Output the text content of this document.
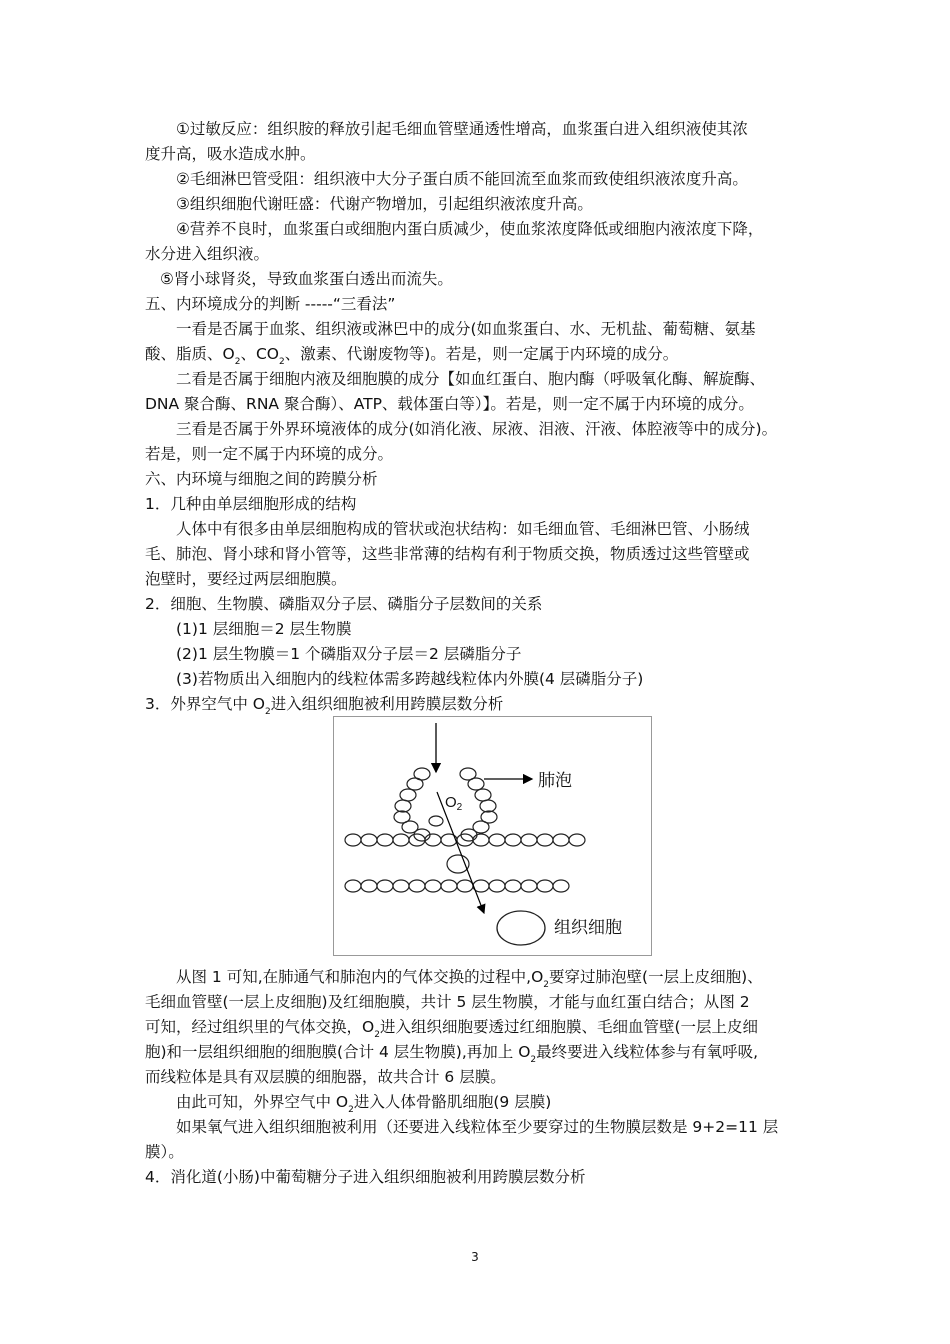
①过敏反应：组织胺的释放引起毛细血管壁通透性增高，血浆蛋白进入组织液使其浓

度升高，吸水造成水肿。

②毛细淋巴管受阻：组织液中大分子蛋白质不能回流至血浆而致使组织液浓度升高。

③组织细胞代谢旺盛：代谢产物增加，引起组织液浓度升高。

④营养不良时，血浆蛋白或细胞内蛋白质减少，使血浆浓度降低或细胞内液浓度下降，

水分进入组织液。

⑤肾小球肾炎，导致血浆蛋白透出而流失。

五、内环境成分的判断 -----“三看法”

一看是否属于血浆、组织液或淋巴中的成分(如血浆蛋白、水、无机盐、葡萄糖、氨基

酸、脂质、$O_2$、$CO_2$、激素、代谢废物等)。若是，则一定属于内环境的成分。

二看是否属于细胞内液及细胞膜的成分【如血红蛋白、胞内酶（呼吸氧化酶、解旋酶、

DNA 聚合酶、RNA 聚合酶）、ATP、载体蛋白等）】。若是，则一定不属于内环境的成分。

三看是否属于外界环境液体的成分(如消化液、尿液、泪液、汗液、体腔液等中的成分)。

若是，则一定不属于内环境的成分。

六、内环境与细胞之间的跨膜分析

1．几种由单层细胞形成的结构

人体中有很多由单层细胞构成的管状或泡状结构：如毛细血管、毛细淋巴管、小肠绒

毛、肺泡、肾小球和肾小管等，这些非常薄的结构有利于物质交换，物质透过这些管壁或

泡壁时，要经过两层细胞膜。

2．细胞、生物膜、磷脂双分子层、磷脂分子层数间的关系

(1)1 层细胞＝2 层生物膜

(2)1 层生物膜＝1 个磷脂双分子层＝2 层磷脂分子

(3)若物质出入细胞内的线粒体需多跨越线粒体内外膜(4 层磷脂分子)

3．外界空气中 $O_2$进入组织细胞被利用跨膜层数分析

肺泡
$O_2$
组织细胞

从图 1 可知,在肺通气和肺泡内的气体交换的过程中$,O_2$要穿过肺泡壁(一层上皮细胞)、

毛细血管壁(一层上皮细胞)及红细胞膜，共计 5 层生物膜，才能与血红蛋白结合；从图 2

可知，经过组织里的气体交换，$O_2$进入组织细胞要透过红细胞膜、毛细血管壁(一层上皮细

胞)和一层组织细胞的细胞膜(合计 4 层生物膜),再加上 $O_2$最终要进入线粒体参与有氧呼吸,

而线粒体是具有双层膜的细胞器，故共合计 6 层膜。

由此可知，外界空气中 $O_2$进入人体骨骼肌细胞(9 层膜)

如果氧气进入组织细胞被利用（还要进入线粒体至少要穿过的生物膜层数是 9+2=11 层

膜）。

4．消化道(小肠)中葡萄糖分子进入组织细胞被利用跨膜层数分析

3
